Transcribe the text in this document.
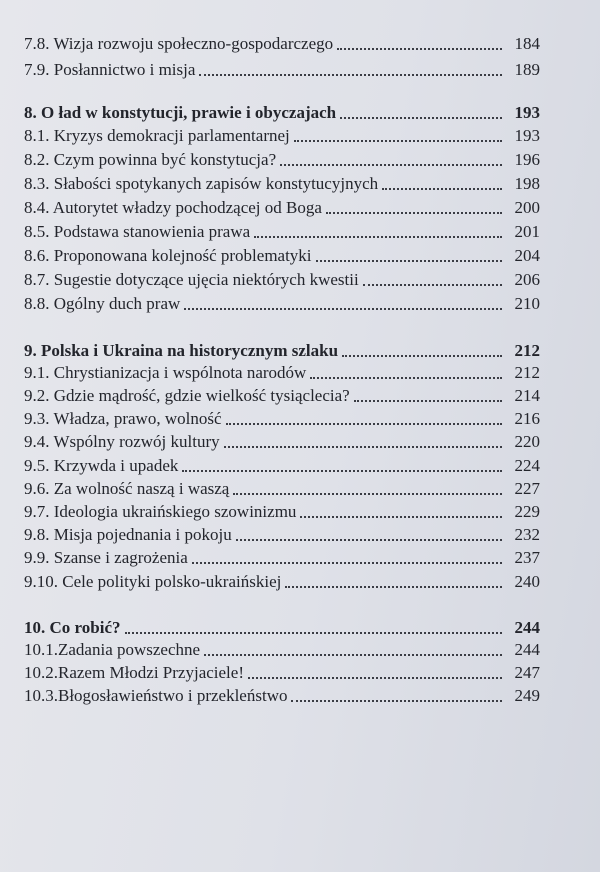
7.8. Wizja rozwoju społeczno-gospodarczego	184
7.9. Posłannictwo i misja	189
8. O ład w konstytucji, prawie i obyczajach	193
8.1. Kryzys demokracji parlamentarnej	193
8.2. Czym powinna być konstytucja?	196
8.3. Słabości spotykanych zapisów konstytucyjnych	198
8.4. Autorytet władzy pochodzącej od Boga	200
8.5. Podstawa stanowienia prawa	201
8.6. Proponowana kolejność problematyki	204
8.7. Sugestie dotyczące ujęcia niektórych kwestii	206
8.8. Ogólny duch praw	210
9. Polska i Ukraina na historycznym szlaku	212
9.1. Chrystianizacja i wspólnota narodów	212
9.2. Gdzie mądrość, gdzie wielkość tysiąclecia?	214
9.3. Władza, prawo, wolność	216
9.4. Wspólny rozwój kultury	220
9.5. Krzywda i upadek	224
9.6. Za wolność naszą i waszą	227
9.7. Ideologia ukraińskiego szowinizmu	229
9.8. Misja pojednania i pokoju	232
9.9. Szanse i zagrożenia	237
9.10. Cele polityki polsko-ukraińskiej	240
10. Co robić?	244
10.1.Zadania powszechne	244
10.2.Razem Młodzi Przyjaciele!	247
10.3.Błogosławieństwo i przekleństwo	249
